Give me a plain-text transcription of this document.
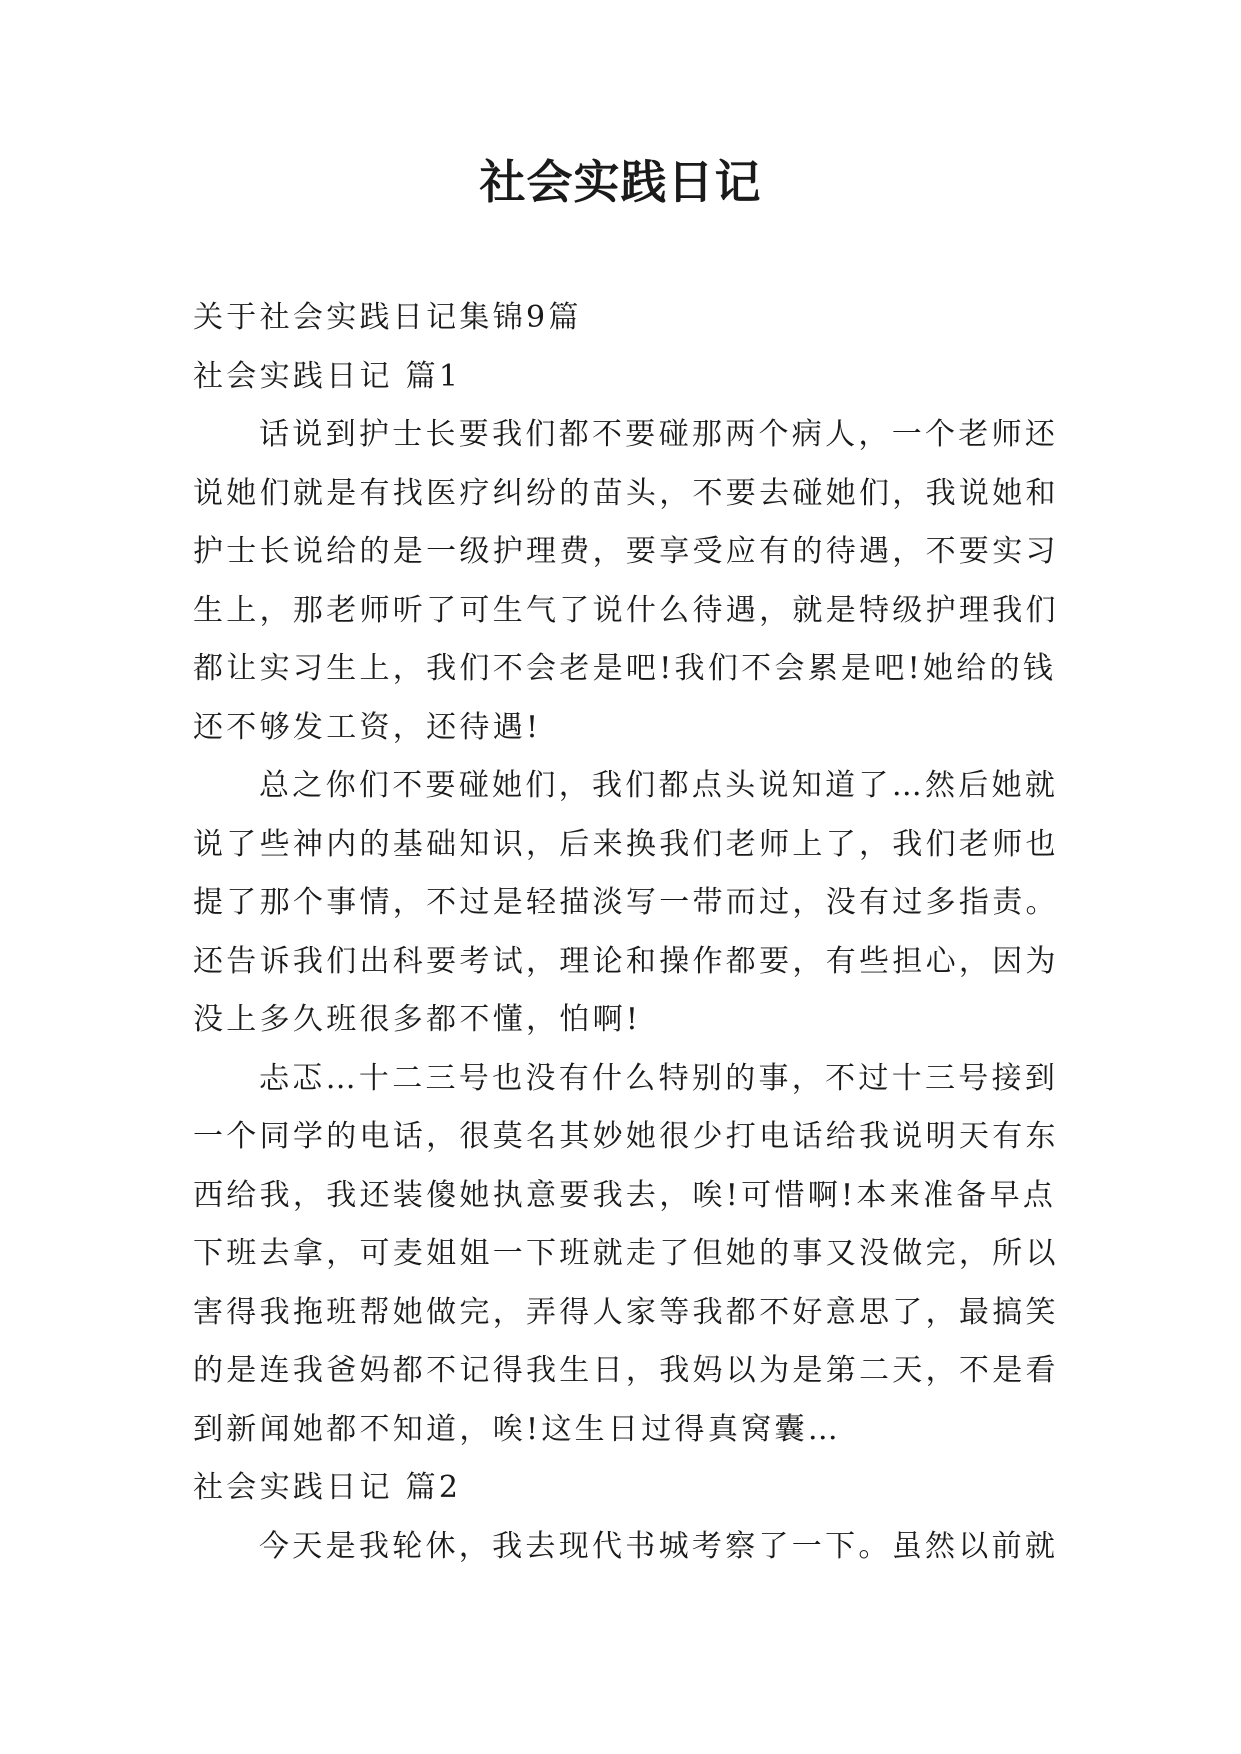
社会实践日记
关于社会实践日记集锦9篇
社会实践日记 篇1
话说到护士长要我们都不要碰那两个病人，一个老师还
说她们就是有找医疗纠纷的苗头，不要去碰她们，我说她和
护士长说给的是一级护理费，要享受应有的待遇，不要实习
生上，那老师听了可生气了说什么待遇，就是特级护理我们
都让实习生上，我们不会老是吧!我们不会累是吧!她给的钱
还不够发工资，还待遇!
总之你们不要碰她们，我们都点头说知道了…然后她就
说了些神内的基础知识，后来换我们老师上了，我们老师也
提了那个事情，不过是轻描淡写一带而过，没有过多指责。
还告诉我们出科要考试，理论和操作都要，有些担心，因为
没上多久班很多都不懂，怕啊!
忐忑…十二三号也没有什么特别的事，不过十三号接到
一个同学的电话，很莫名其妙她很少打电话给我说明天有东
西给我，我还装傻她执意要我去，唉!可惜啊!本来准备早点
下班去拿，可麦姐姐一下班就走了但她的事又没做完，所以
害得我拖班帮她做完，弄得人家等我都不好意思了，最搞笑
的是连我爸妈都不记得我生日，我妈以为是第二天，不是看
到新闻她都不知道，唉!这生日过得真窝囊…
社会实践日记 篇2
今天是我轮休，我去现代书城考察了一下。虽然以前就
